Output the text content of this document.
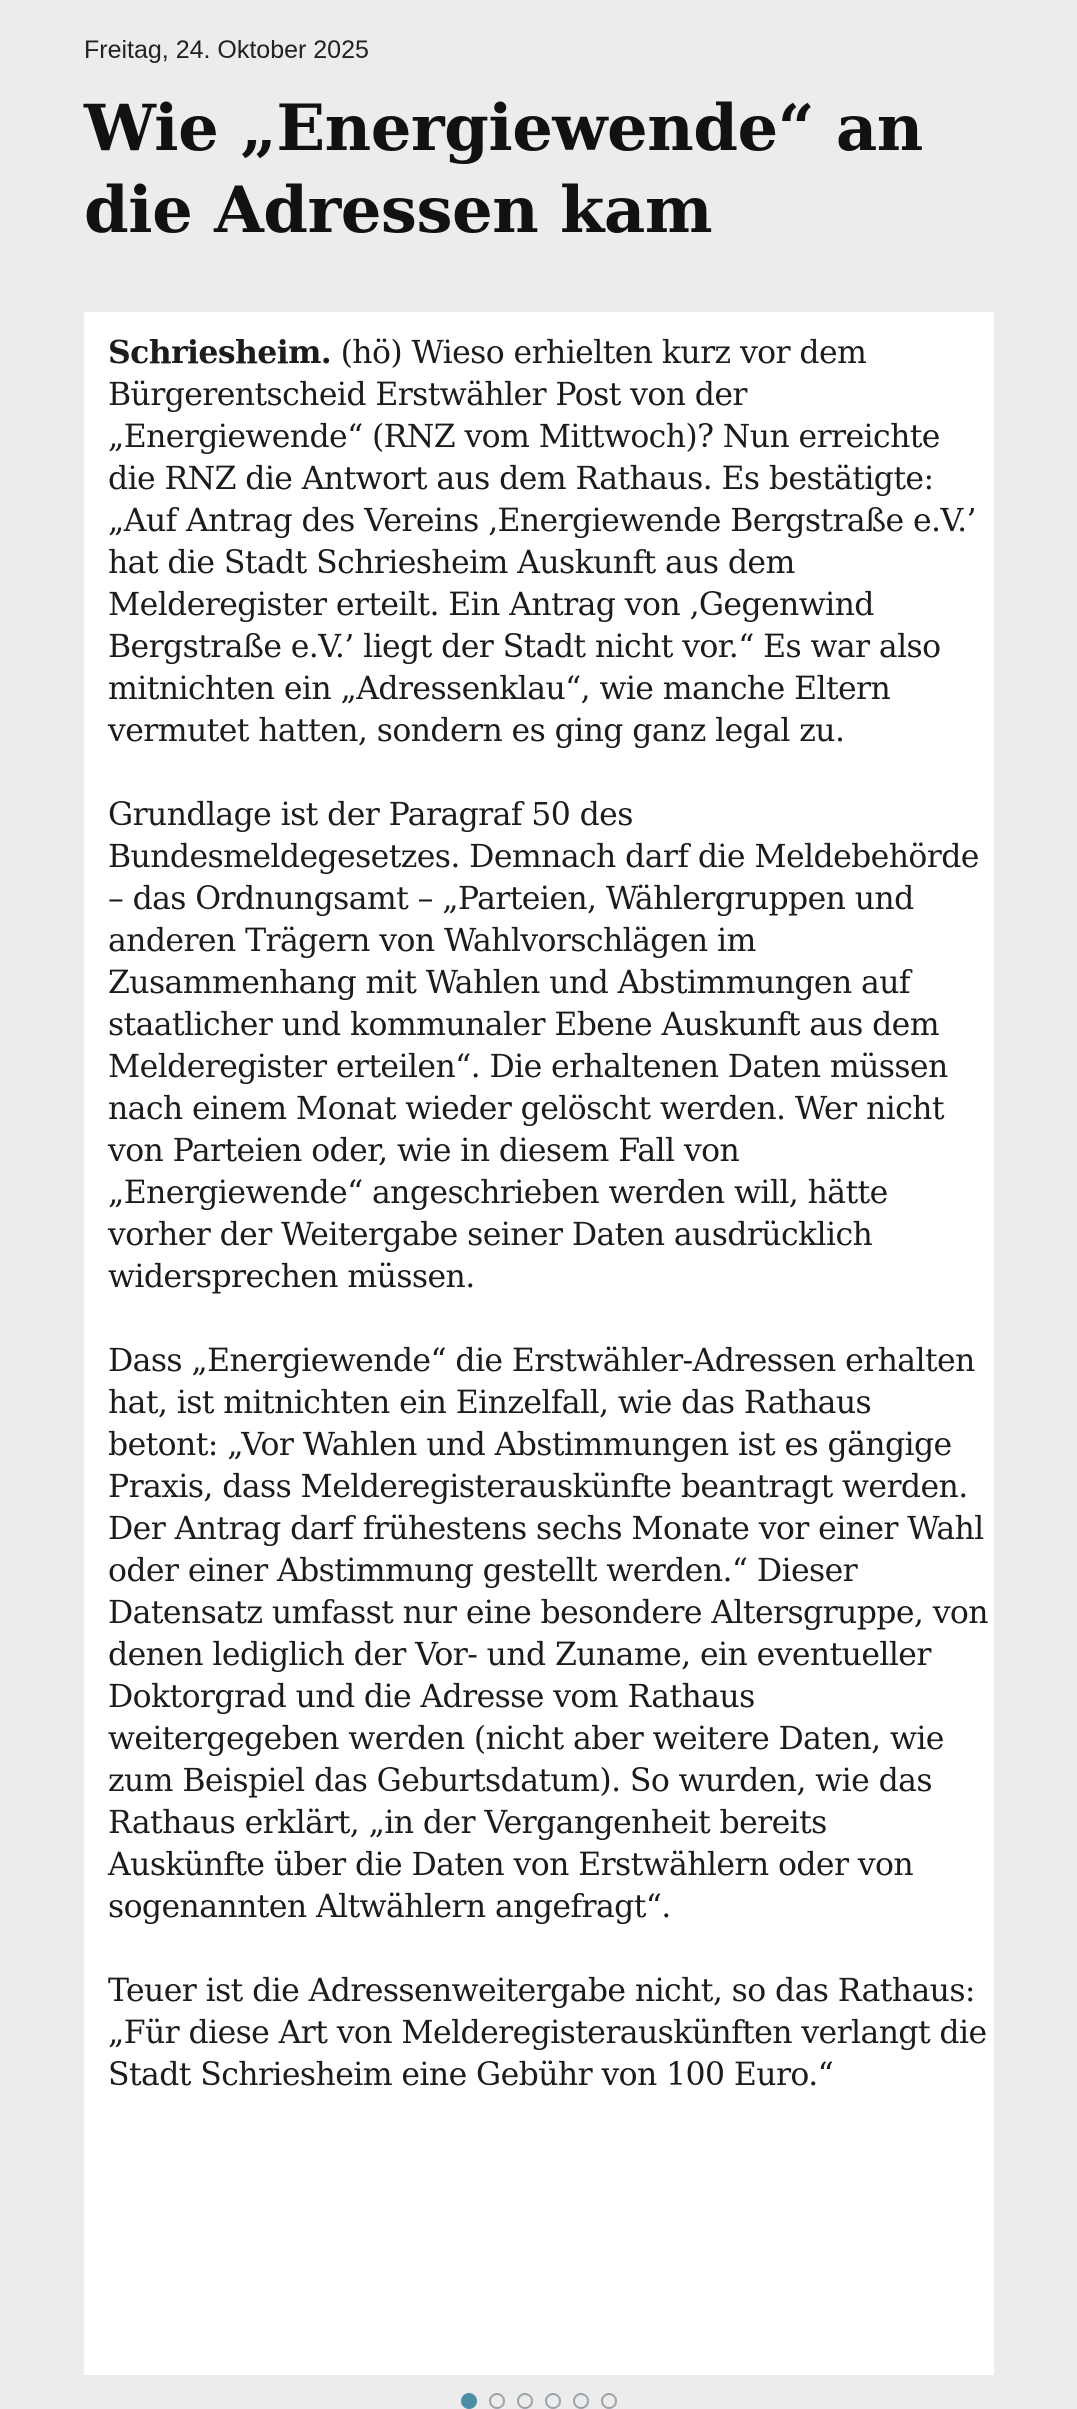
Freitag, 24. Oktober 2025
Wie „Energiewende“ an die Adressen kam

Schriesheim. (hö) Wieso erhielten kurz vor dem Bürgerentscheid Erstwähler Post von der „Energiewende“ (RNZ vom Mittwoch)? Nun erreichte die RNZ die Antwort aus dem Rathaus. Es bestätigte: „Auf Antrag des Vereins ‚Energiewende Bergstraße e.V.’ hat die Stadt Schriesheim Auskunft aus dem Melderegister erteilt. Ein Antrag von ‚Gegenwind Bergstraße e.V.’ liegt der Stadt nicht vor.“ Es war also mitnichten ein „Adressenklau“, wie manche Eltern vermutet hatten, sondern es ging ganz legal zu.

Grundlage ist der Paragraf 50 des Bundesmeldegesetzes. Demnach darf die Meldebehörde – das Ordnungsamt – „Parteien, Wählergruppen und anderen Trägern von Wahlvorschlägen im Zusammenhang mit Wahlen und Abstimmungen auf staatlicher und kommunaler Ebene Auskunft aus dem Melderegister erteilen“. Die erhaltenen Daten müssen nach einem Monat wieder gelöscht werden. Wer nicht von Parteien oder, wie in diesem Fall von „Energiewende“ angeschrieben werden will, hätte vorher der Weitergabe seiner Daten ausdrücklich widersprechen müssen.

Dass „Energiewende“ die Erstwähler-Adressen erhalten hat, ist mitnichten ein Einzelfall, wie das Rathaus betont: „Vor Wahlen und Abstimmungen ist es gängige Praxis, dass Melderegisterauskünfte beantragt werden. Der Antrag darf frühestens sechs Monate vor einer Wahl oder einer Abstimmung gestellt werden.“ Dieser Datensatz umfasst nur eine besondere Altersgruppe, von denen lediglich der Vor- und Zuname, ein eventueller Doktorgrad und die Adresse vom Rathaus weitergegeben werden (nicht aber weitere Daten, wie zum Beispiel das Geburtsdatum). So wurden, wie das Rathaus erklärt, „in der Vergangenheit bereits Auskünfte über die Daten von Erstwählern oder von sogenannten Altwählern angefragt“.

Teuer ist die Adressenweitergabe nicht, so das Rathaus: „Für diese Art von Melderegisterauskünften verlangt die Stadt Schriesheim eine Gebühr von 100 Euro.“
